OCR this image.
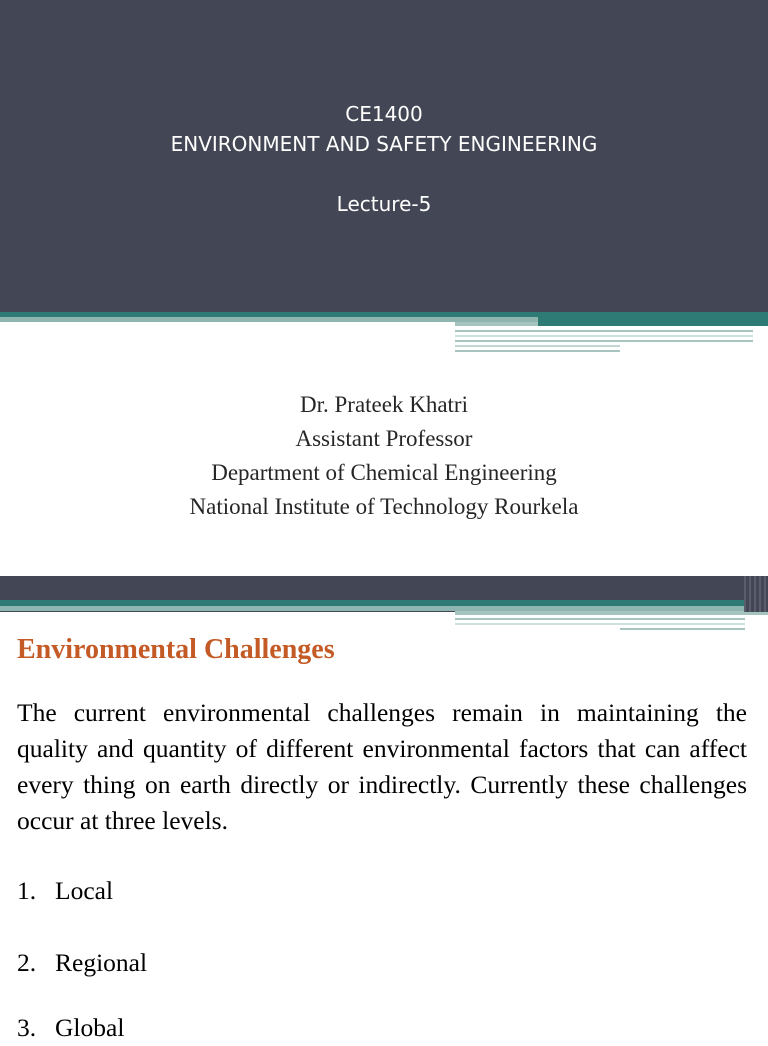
CE1400
ENVIRONMENT AND SAFETY ENGINEERING
Lecture-5
Dr. Prateek Khatri
Assistant Professor
Department of Chemical Engineering
National Institute of Technology Rourkela
Environmental Challenges

The current environmental challenges remain in maintaining the quality and quantity of different environmental factors that can affect every thing on earth directly or indirectly. Currently these challenges occur at three levels.

1. Local
2. Regional
3. Global
